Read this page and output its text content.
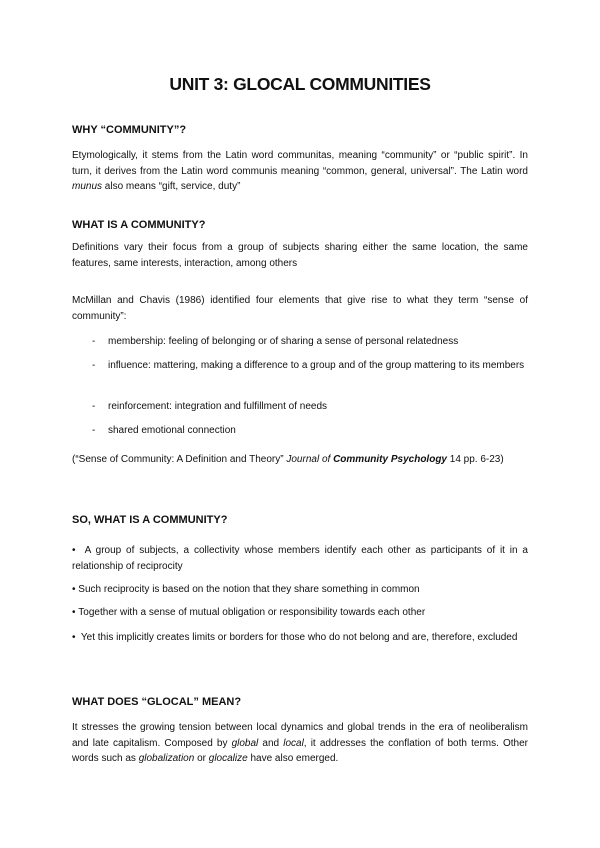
UNIT 3: GLOCAL COMMUNITIES
WHY “COMMUNITY”?

Etymologically, it stems from the Latin word communitas, meaning “community” or “public spirit”. In turn, it derives from the Latin word communis meaning “common, general, universal”. The Latin word munus also means “gift, service, duty”

WHAT IS A COMMUNITY?

Definitions vary their focus from a group of subjects sharing either the same location, the same features, same interests, interaction, among others

McMillan and Chavis (1986) identified four elements that give rise to what they term “sense of community”:

-	membership: feeling of belonging or of sharing a sense of personal relatedness
-	influence: mattering, making a difference to a group and of the group mattering to its members
-	reinforcement: integration and fulfillment of needs
-	shared emotional connection

(“Sense of Community: A Definition and Theory” Journal of Community Psychology 14 pp. 6-23)

SO, WHAT IS A COMMUNITY?

• A group of subjects, a collectivity whose members identify each other as participants of it in a relationship of reciprocity

• Such reciprocity is based on the notion that they share something in common

• Together with a sense of mutual obligation or responsibility towards each other

• Yet this implicitly creates limits or borders for those who do not belong and are, therefore, excluded

WHAT DOES “GLOCAL” MEAN?

It stresses the growing tension between local dynamics and global trends in the era of neoliberalism and late capitalism. Composed by global and local, it addresses the conflation of both terms. Other words such as globalization or glocalize have also emerged.
